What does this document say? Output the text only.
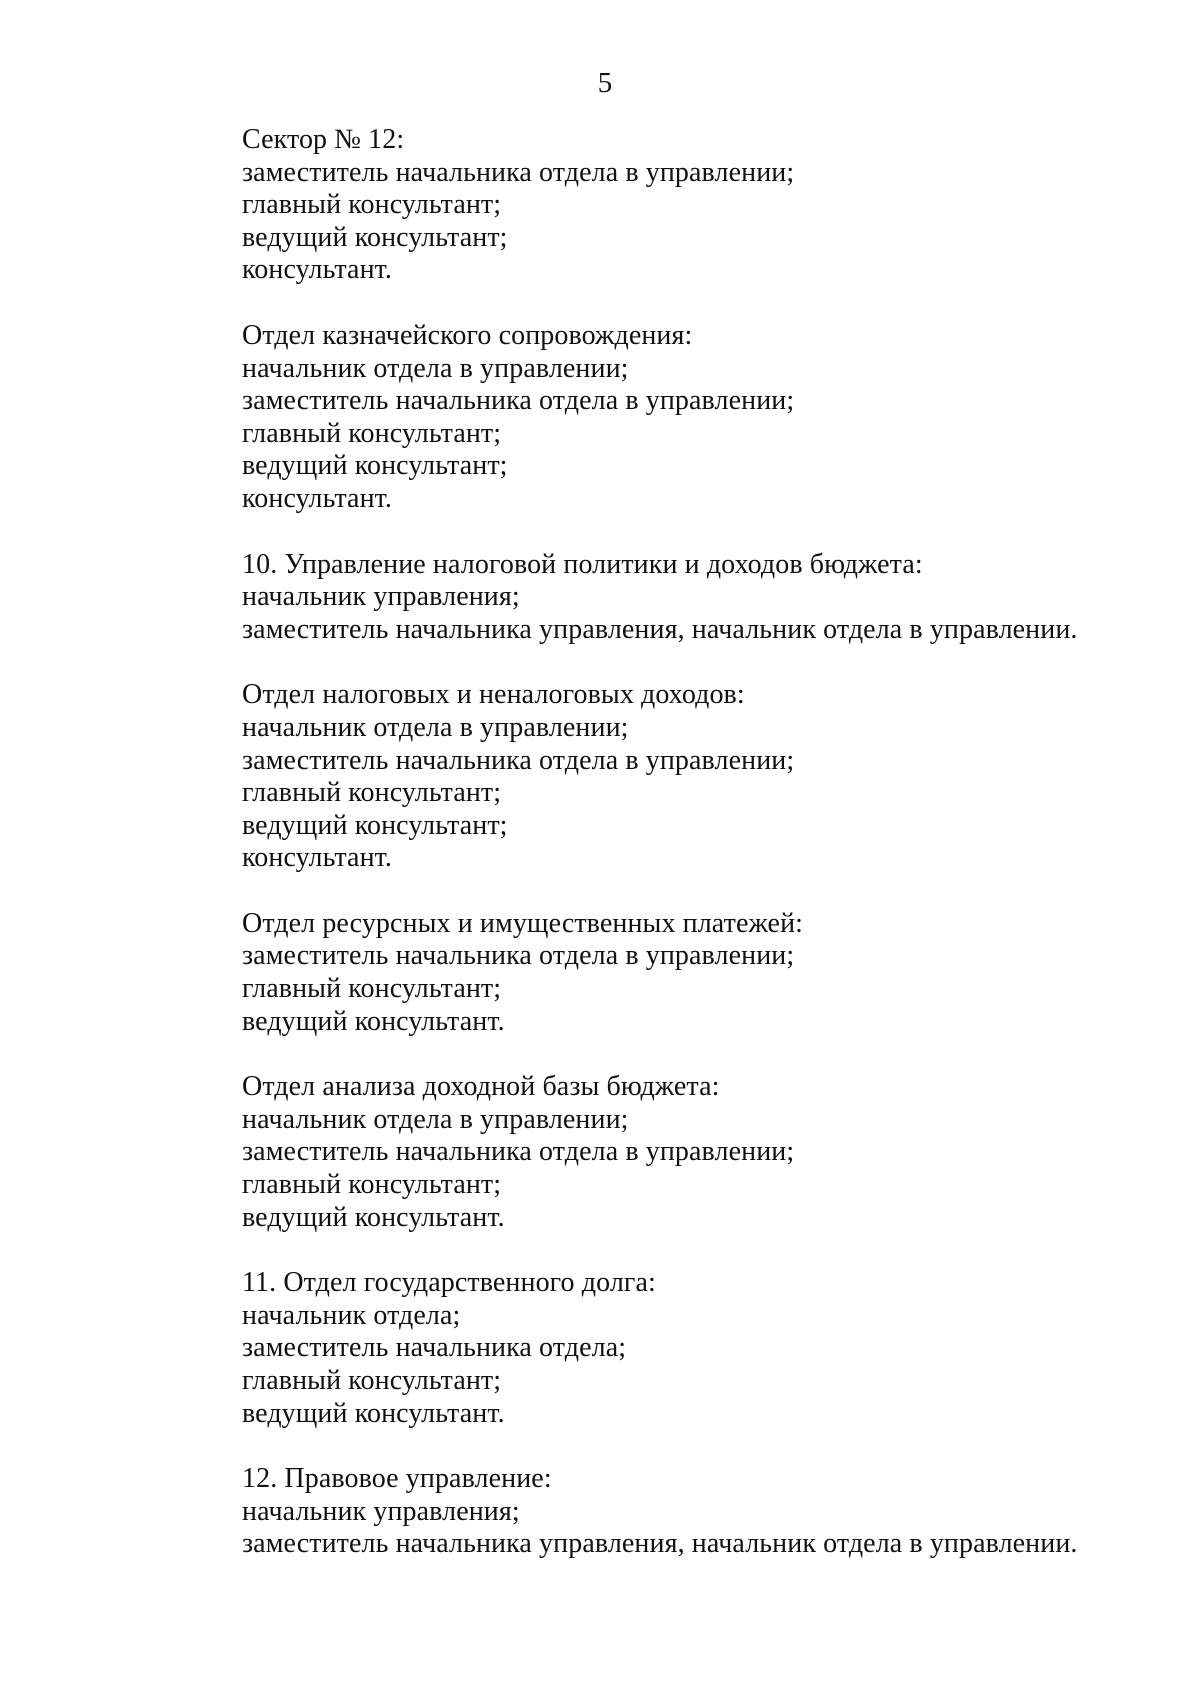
5
Сектор № 12:
заместитель начальника отдела в управлении;
главный консультант;
ведущий консультант;
консультант.
Отдел казначейского сопровождения:
начальник отдела в управлении;
заместитель начальника отдела в управлении;
главный консультант;
ведущий консультант;
консультант.
10. Управление налоговой политики и доходов бюджета:
начальник управления;
заместитель начальника управления, начальник отдела в управлении.
Отдел налоговых и неналоговых доходов:
начальник отдела в управлении;
заместитель начальника отдела в управлении;
главный консультант;
ведущий консультант;
консультант.
Отдел ресурсных и имущественных платежей:
заместитель начальника отдела в управлении;
главный консультант;
ведущий консультант.
Отдел анализа доходной базы бюджета:
начальник отдела в управлении;
заместитель начальника отдела в управлении;
главный консультант;
ведущий консультант.
11. Отдел государственного долга:
начальник отдела;
заместитель начальника отдела;
главный консультант;
ведущий консультант.
12. Правовое управление:
начальник управления;
заместитель начальника управления, начальник отдела в управлении.
